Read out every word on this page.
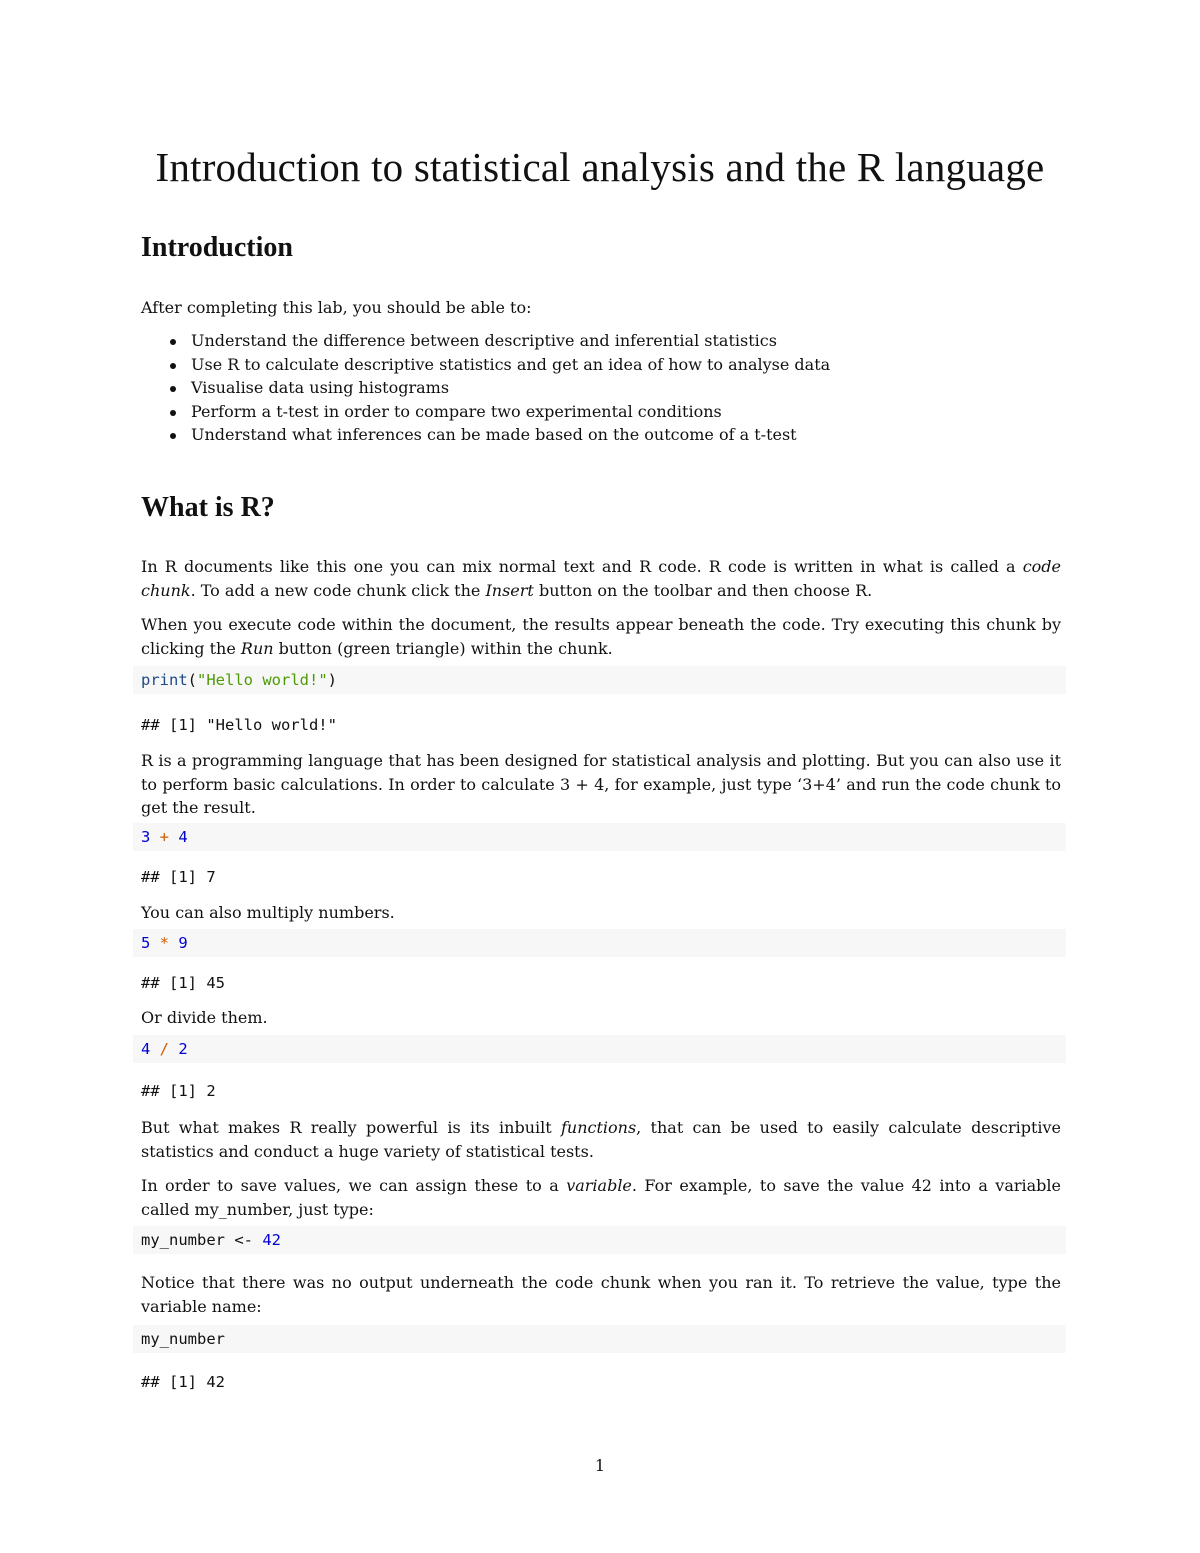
Introduction to statistical analysis and the R language
Introduction
After completing this lab, you should be able to:
Understand the difference between descriptive and inferential statistics
Use R to calculate descriptive statistics and get an idea of how to analyse data
Visualise data using histograms
Perform a t-test in order to compare two experimental conditions
Understand what inferences can be made based on the outcome of a t-test
What is R?
In R documents like this one you can mix normal text and R code. R code is written in what is called a code chunk. To add a new code chunk click the Insert button on the toolbar and then choose R.
When you execute code within the document, the results appear beneath the code. Try executing this chunk by clicking the Run button (green triangle) within the chunk.
print("Hello world!")
## [1] "Hello world!"
R is a programming language that has been designed for statistical analysis and plotting. But you can also use it to perform basic calculations. In order to calculate 3 + 4, for example, just type ‘3+4’ and run the code chunk to get the result.
3 + 4
## [1] 7
You can also multiply numbers.
5 * 9
## [1] 45
Or divide them.
4 / 2
## [1] 2
But what makes R really powerful is its inbuilt functions, that can be used to easily calculate descriptive statistics and conduct a huge variety of statistical tests.
In order to save values, we can assign these to a variable. For example, to save the value 42 into a variable called my_number, just type:
my_number <- 42
Notice that there was no output underneath the code chunk when you ran it. To retrieve the value, type the variable name:
my_number
## [1] 42
1
